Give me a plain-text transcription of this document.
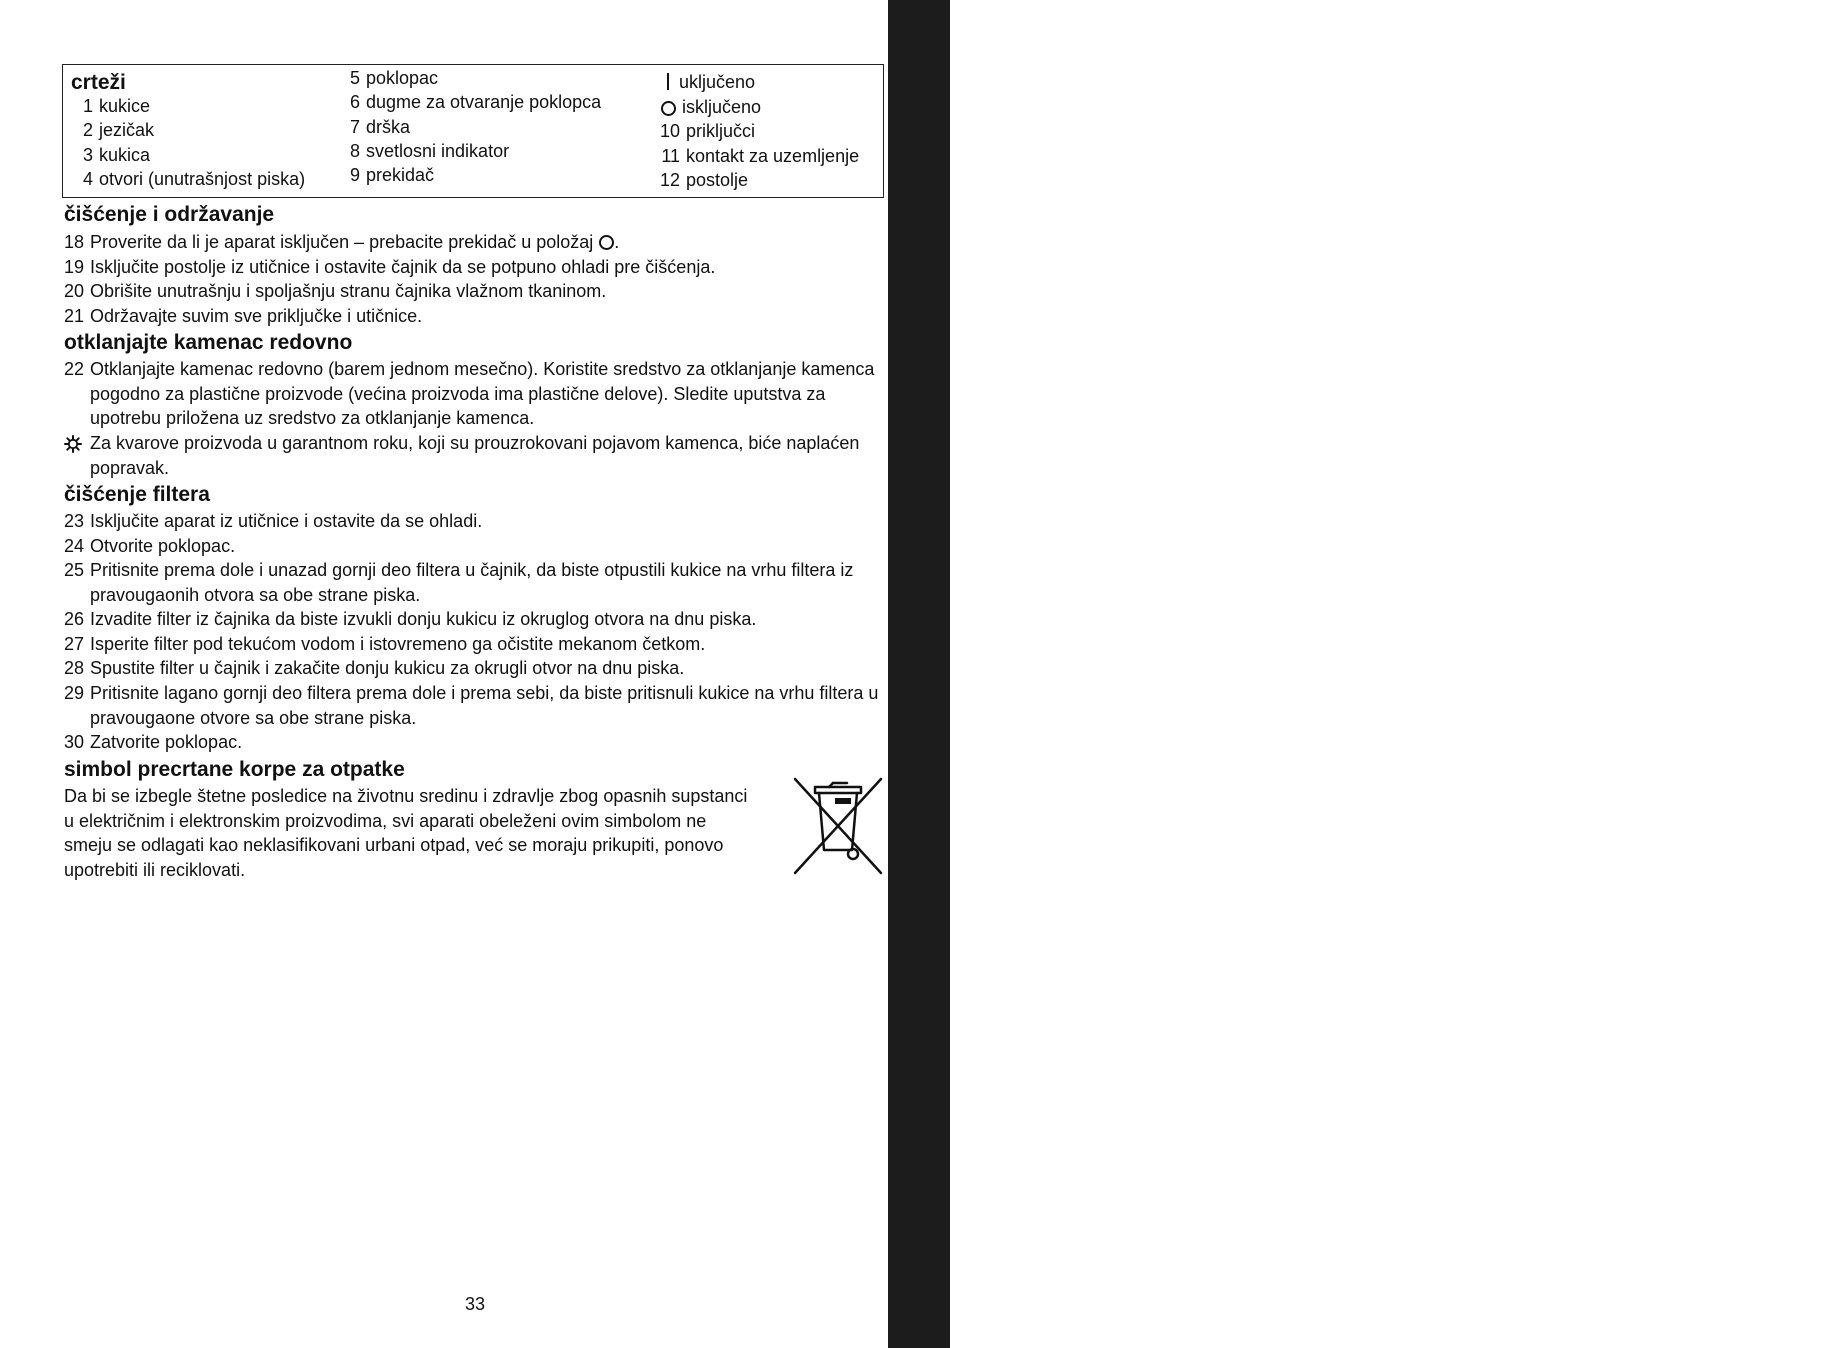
uputstva
crteži
1 kukice
2 jezičak
3 kukica
4 otvori (unutrašnjost piska)
5 poklopac
6 dugme za otvaranje poklopca
7 drška
8 svetlosni indikator
9 prekidač
uključeno
isključeno
10 priključci
11 kontakt za uzemljenje
12 postolje
čišćenje i održavanje
18 Proverite da li je aparat isključen – prebacite prekidač u položaj .
19 Isključite postolje iz utičnice i ostavite čajnik da se potpuno ohladi pre čišćenja.
20 Obrišite unutrašnju i spoljašnju stranu čajnika vlažnom tkaninom.
21 Održavajte suvim sve priključke i utičnice.
otklanjajte kamenac redovno
22 Otklanjajte kamenac redovno (barem jednom mesečno). Koristite sredstvo za otklanjanje kamenca pogodno za plastične proizvode (većina proizvoda ima plastične delove). Sledite uputstva za upotrebu priložena uz sredstvo za otklanjanje kamenca.
Za kvarove proizvoda u garantnom roku, koji su prouzrokovani pojavom kamenca, biće naplaćen popravak.
čišćenje filtera
23 Isključite aparat iz utičnice i ostavite da se ohladi.
24 Otvorite poklopac.
25 Pritisnite prema dole i unazad gornji deo filtera u čajnik, da biste otpustili kukice na vrhu filtera iz pravougaonih otvora sa obe strane piska.
26 Izvadite filter iz čajnika da biste izvukli donju kukicu iz okruglog otvora na dnu piska.
27 Isperite filter pod tekućom vodom i istovremeno ga očistite mekanom četkom.
28 Spustite filter u čajnik i zakačite donju kukicu za okrugli otvor na dnu piska.
29 Pritisnite lagano gornji deo filtera prema dole i prema sebi, da biste pritisnuli kukice na vrhu filtera u pravougaone otvore sa obe strane piska.
30 Zatvorite poklopac.
simbol precrtane korpe za otpatke
Da bi se izbegle štetne posledice na životnu sredinu i zdravlje zbog opasnih supstanci u električnim i elektronskim proizvodima, svi aparati obeleženi ovim simbolom ne smeju se odlagati kao neklasifikovani urbani otpad, već se moraju prikupiti, ponovo upotrebiti ili reciklovati.
33
